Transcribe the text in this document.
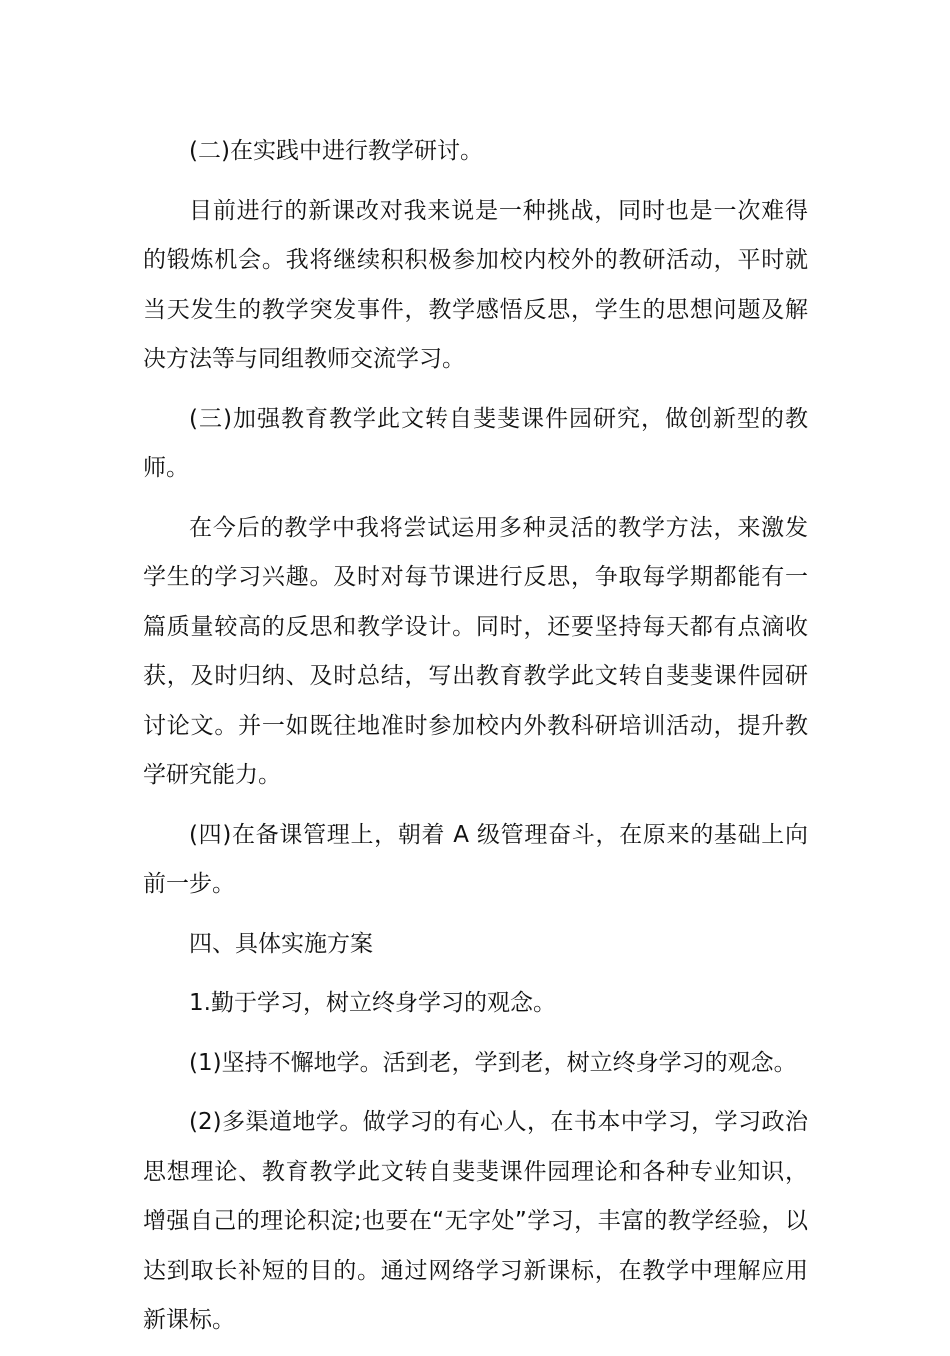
(二)在实践中进行教学研讨。

目前进行的新课改对我来说是一种挑战，同时也是一次难得的锻炼机会。我将继续积积极参加校内校外的教研活动，平时就当天发生的教学突发事件，教学感悟反思，学生的思想问题及解决方法等与同组教师交流学习。

(三)加强教育教学此文转自斐斐课件园研究，做创新型的教师。

在今后的教学中我将尝试运用多种灵活的教学方法，来激发学生的学习兴趣。及时对每节课进行反思，争取每学期都能有一篇质量较高的反思和教学设计。同时，还要坚持每天都有点滴收获，及时归纳、及时总结，写出教育教学此文转自斐斐课件园研讨论文。并一如既往地准时参加校内外教科研培训活动，提升教学研究能力。

(四)在备课管理上，朝着 A 级管理奋斗，在原来的基础上向前一步。

四、具体实施方案

1.勤于学习，树立终身学习的观念。

(1)坚持不懈地学。活到老，学到老，树立终身学习的观念。

(2)多渠道地学。做学习的有心人，在书本中学习，学习政治思想理论、教育教学此文转自斐斐课件园理论和各种专业知识，增强自己的理论积淀;也要在“无字处”学习，丰富的教学经验，以达到取长补短的目的。通过网络学习新课标，在教学中理解应用新课标。
